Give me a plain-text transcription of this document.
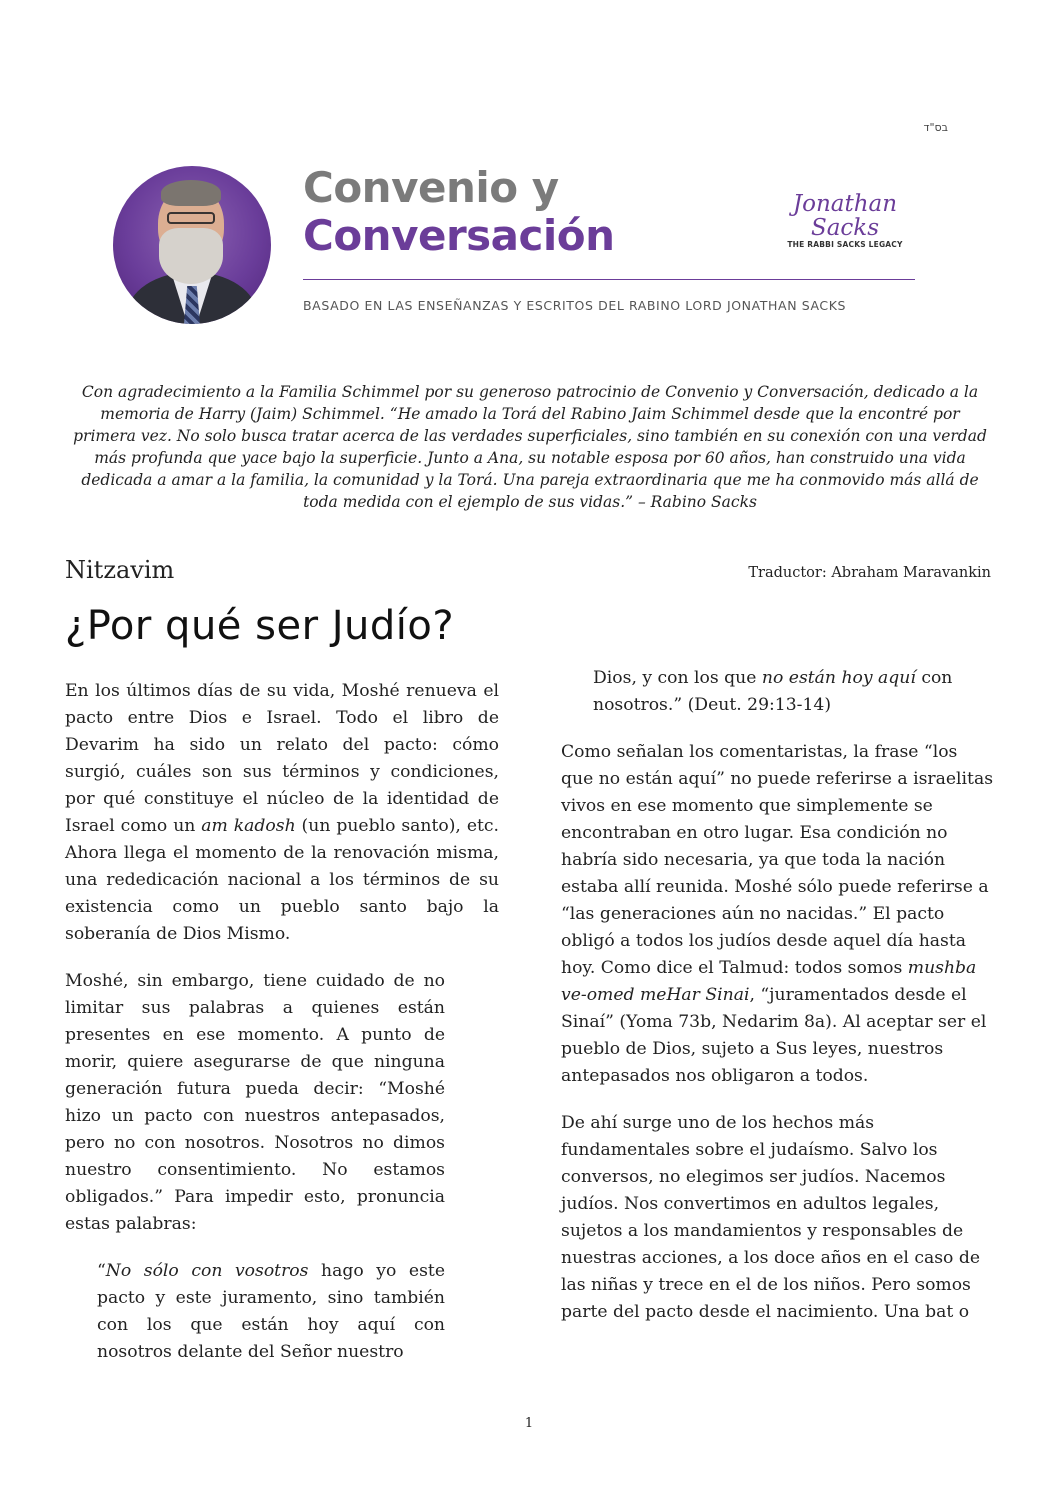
בס"ד
Convenio y
Conversación
BASADO EN LAS ENSEÑANZAS Y ESCRITOS DEL RABINO LORD JONATHAN SACKS
Jonathan Sacks
THE RABBI SACKS LEGACY
Con agradecimiento a la Familia Schimmel por su generoso patrocinio de Convenio y Conversación, dedicado a la memoria de Harry (Jaim) Schimmel. “He amado la Torá del Rabino Jaim Schimmel desde que la encontré por primera vez. No solo busca tratar acerca de las verdades superficiales, sino también en su conexión con una verdad más profunda que yace bajo la superficie. Junto a Ana, su notable esposa por 60 años, han construido una vida dedicada a amar a la familia, la comunidad y la Torá. Una pareja extraordinaria que me ha conmovido más allá de toda medida con el ejemplo de sus vidas.” – Rabino Sacks
Nitzavim	Traductor: Abraham Maravankin
¿Por qué ser Judío?

En los últimos días de su vida, Moshé renueva el pacto entre Dios e Israel. Todo el libro de Devarim ha sido un relato del pacto: cómo surgió, cuáles son sus términos y condiciones, por qué constituye el núcleo de la identidad de Israel como un am kadosh (un pueblo santo), etc. Ahora llega el momento de la renovación misma, una rededicación nacional a los términos de su existencia como un pueblo santo bajo la soberanía de Dios Mismo.

Moshé, sin embargo, tiene cuidado de no limitar sus palabras a quienes están presentes en ese momento. A punto de morir, quiere asegurarse de que ninguna generación futura pueda decir: “Moshé hizo un pacto con nuestros antepasados, pero no con nosotros. Nosotros no dimos nuestro consentimiento. No estamos obligados.” Para impedir esto, pronuncia estas palabras:

“No sólo con vosotros hago yo este pacto y este juramento, sino también con los que están hoy aquí con nosotros delante del Señor nuestro

Dios, y con los que no están hoy aquí con nosotros.” (Deut. 29:13-14)

Como señalan los comentaristas, la frase “los que no están aquí” no puede referirse a israelitas vivos en ese momento que simplemente se encontraban en otro lugar. Esa condición no habría sido necesaria, ya que toda la nación estaba allí reunida. Moshé sólo puede referirse a “las generaciones aún no nacidas.” El pacto obligó a todos los judíos desde aquel día hasta hoy. Como dice el Talmud: todos somos mushba ve-omed meHar Sinai, “juramentados desde el Sinaí” (Yoma 73b, Nedarim 8a). Al aceptar ser el pueblo de Dios, sujeto a Sus leyes, nuestros antepasados nos obligaron a todos.

De ahí surge uno de los hechos más fundamentales sobre el judaísmo. Salvo los conversos, no elegimos ser judíos. Nacemos judíos. Nos convertimos en adultos legales, sujetos a los mandamientos y responsables de nuestras acciones, a los doce años en el caso de las niñas y trece en el de los niños. Pero somos parte del pacto desde el nacimiento. Una bat o

1
